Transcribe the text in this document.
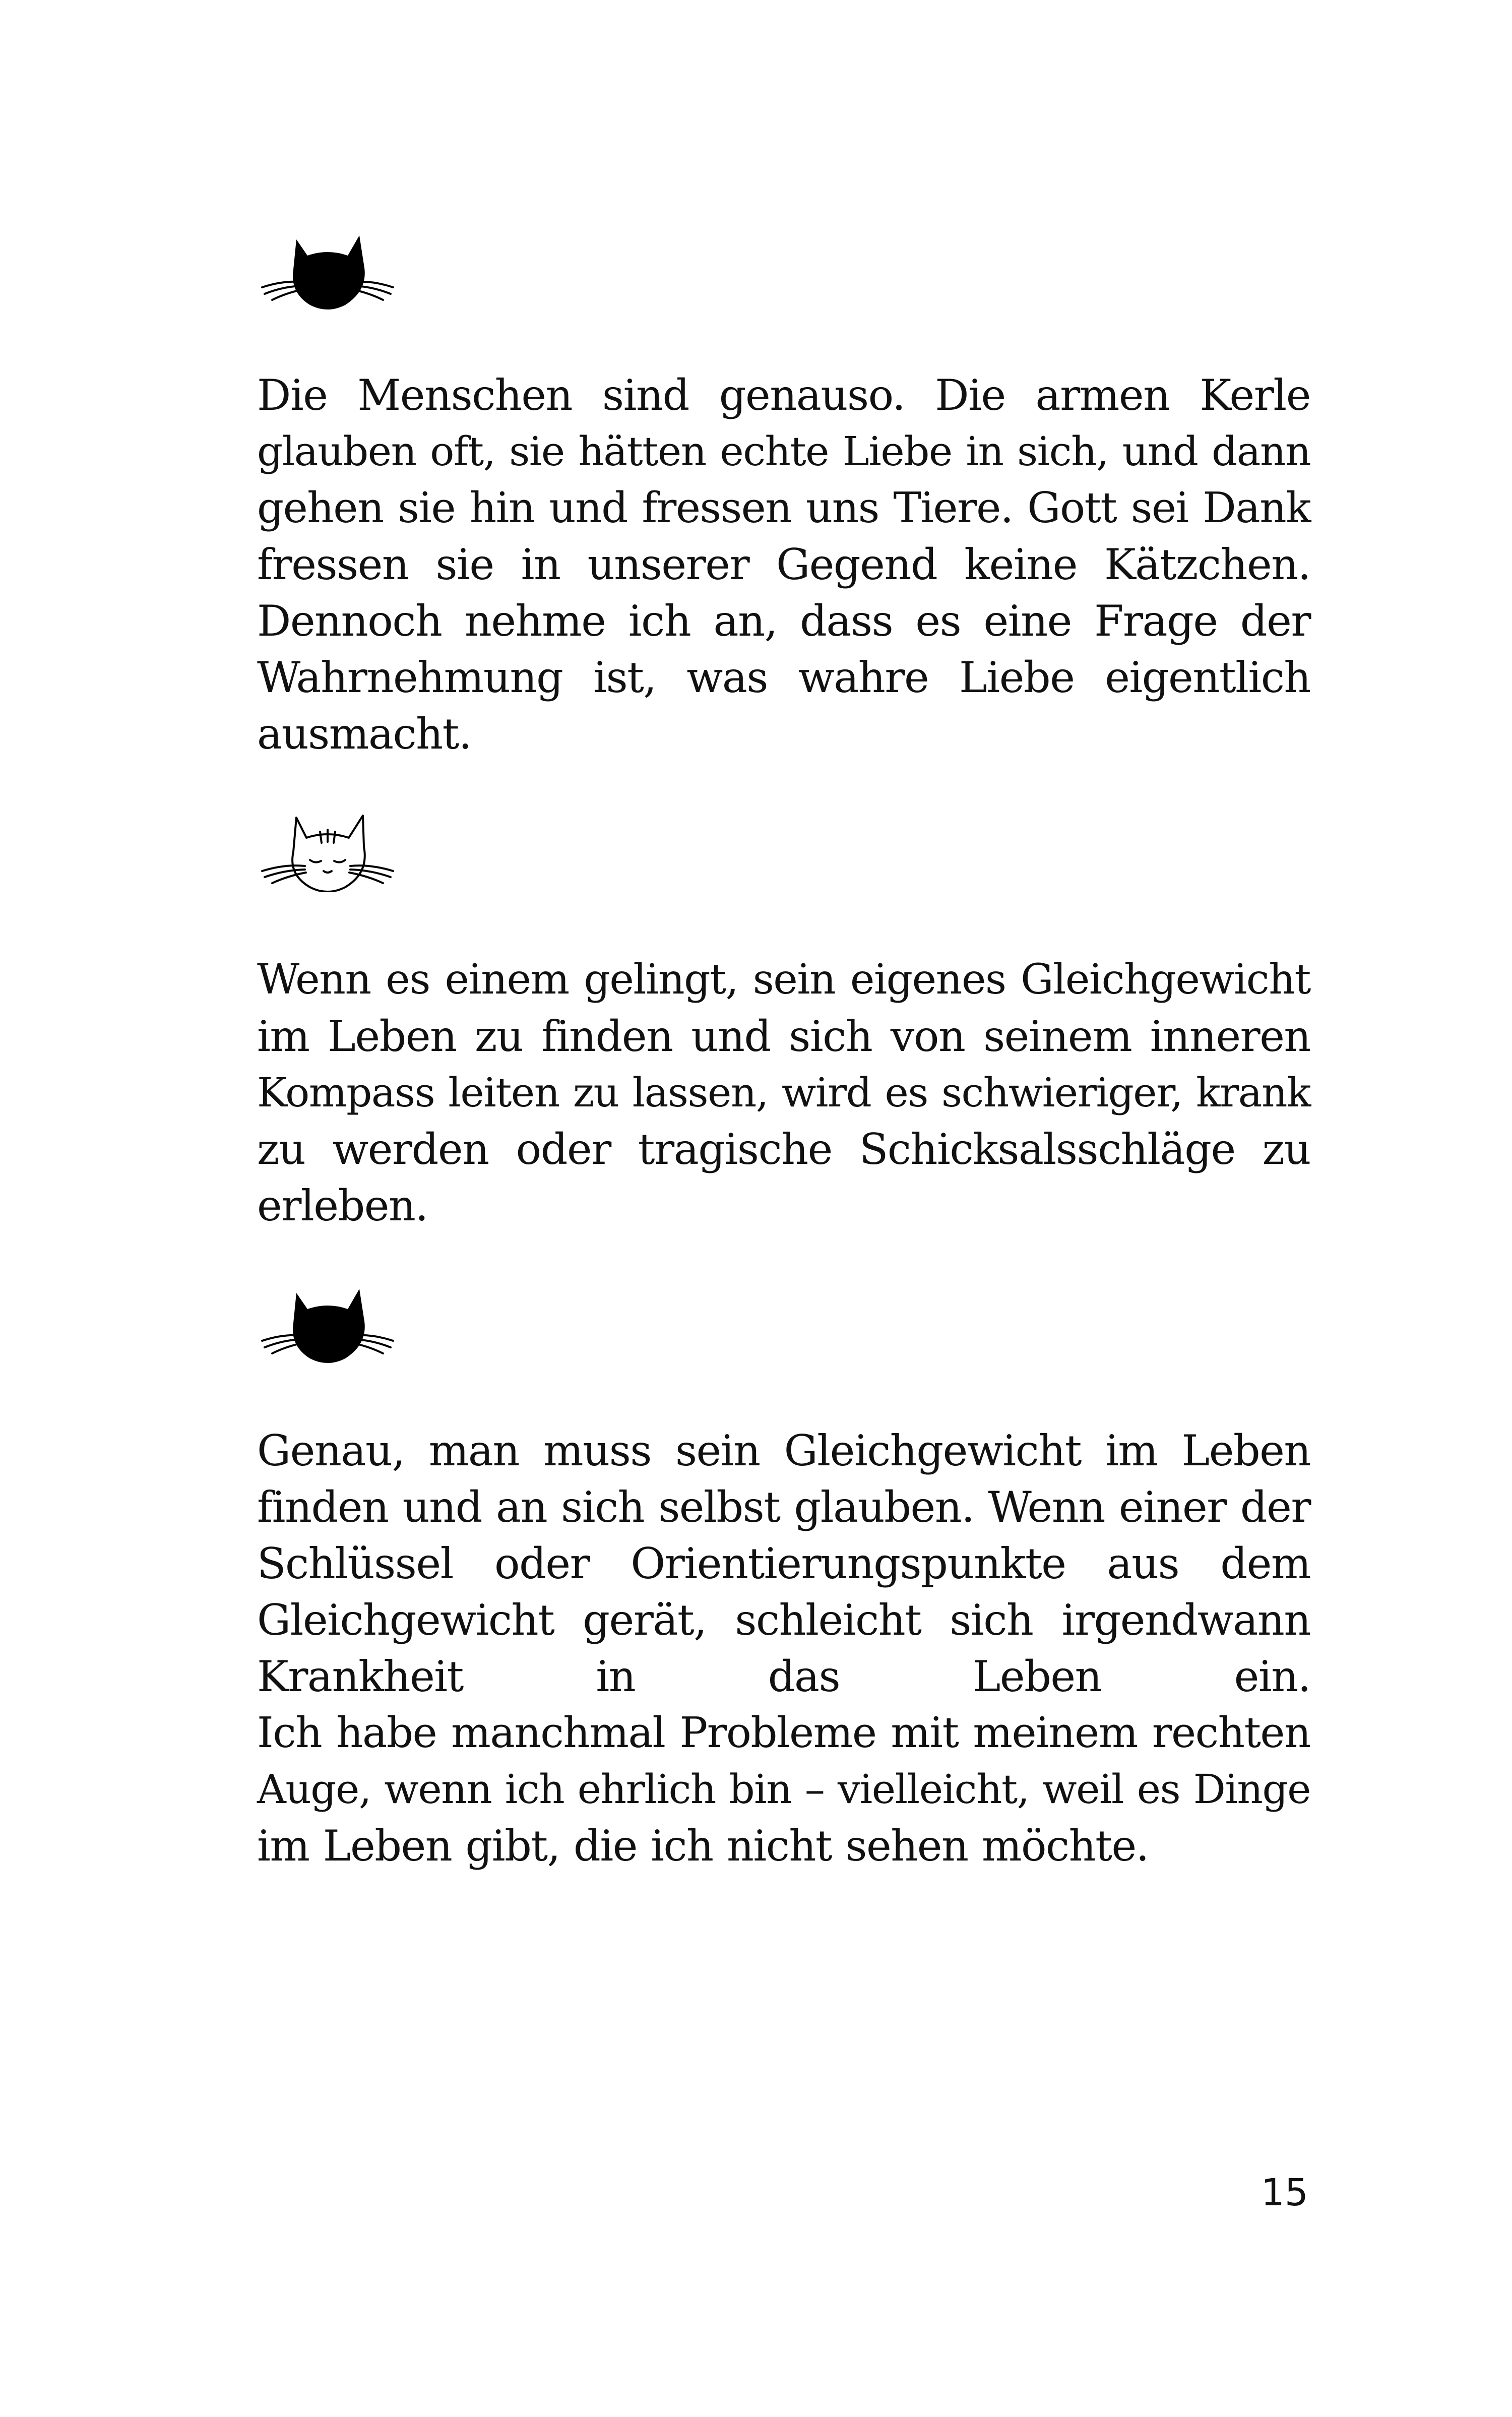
Die Menschen sind genauso. Die armen Kerle
glauben oft, sie hätten echte Liebe in sich, und dann
gehen sie hin und fressen uns Tiere. Gott sei Dank
fressen sie in unserer Gegend keine Kätzchen.
Dennoch nehme ich an, dass es eine Frage der
Wahrnehmung ist, was wahre Liebe eigentlich
ausmacht.

Wenn es einem gelingt, sein eigenes Gleichgewicht
im Leben zu finden und sich von seinem inneren
Kompass leiten zu lassen, wird es schwieriger, krank
zu werden oder tragische Schicksalsschläge zu
erleben.

Genau, man muss sein Gleichgewicht im Leben
finden und an sich selbst glauben. Wenn einer der
Schlüssel oder Orientierungspunkte aus dem
Gleichgewicht gerät, schleicht sich irgendwann
Krankheit in das Leben ein.
Ich habe manchmal Probleme mit meinem rechten
Auge, wenn ich ehrlich bin – vielleicht, weil es Dinge
im Leben gibt, die ich nicht sehen möchte.

15
